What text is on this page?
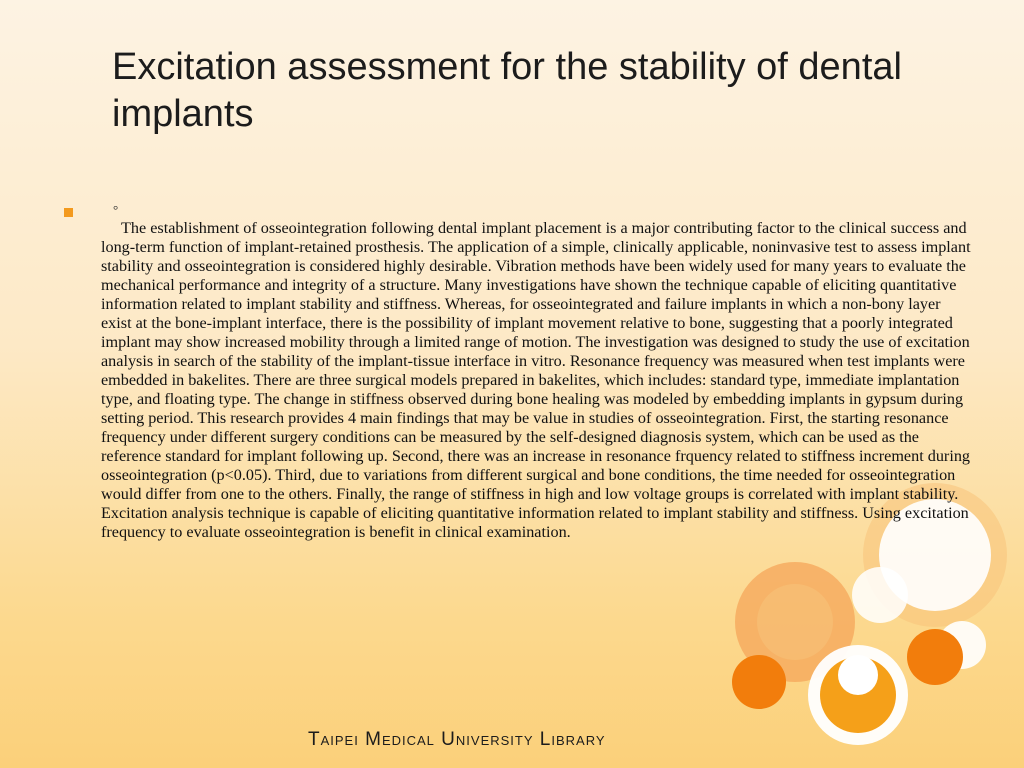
Excitation assessment for the stability of dental implants
°

The establishment of osseointegration following dental implant placement is a major contributing factor to the clinical success and long-term function of implant-retained prosthesis. The application of a simple, clinically applicable, noninvasive test to assess implant stability and osseointegration is considered highly desirable. Vibration methods have been widely used for many years to evaluate the mechanical performance and integrity of a structure. Many investigations have shown the technique capable of eliciting quantitative information related to implant stability and stiffness. Whereas, for osseointegrated and failure implants in which a non-bony layer exist at the bone-implant interface, there is the possibility of implant movement relative to bone, suggesting that a poorly integrated implant may show increased mobility through a limited range of motion. The investigation was designed to study the use of excitation analysis in search of the stability of the implant-tissue interface in vitro. Resonance frequency was measured when test implants were embedded in bakelites. There are three surgical models prepared in bakelites, which includes: standard type, immediate implantation type, and floating type. The change in stiffness observed during bone healing was modeled by embedding implants in gypsum during setting period. This research provides 4 main findings that may be value in studies of osseointegration. First, the starting resonance frequency under different surgery conditions can be measured by the self-designed diagnosis system, which can be used as the reference standard for implant following up. Second, there was an increase in resonance frquency related to stiffness increment during osseointegration (p<0.05). Third, due to variations from different surgical and bone conditions, the time needed for osseointegration would differ from one to the others. Finally, the range of stiffness in high and low voltage groups is correlated with implant stability. Excitation analysis technique is capable of eliciting quantitative information related to implant stability and stiffness. Using excitation frequency to evaluate osseointegration is benefit in clinical examination.

Taipei Medical University Library
